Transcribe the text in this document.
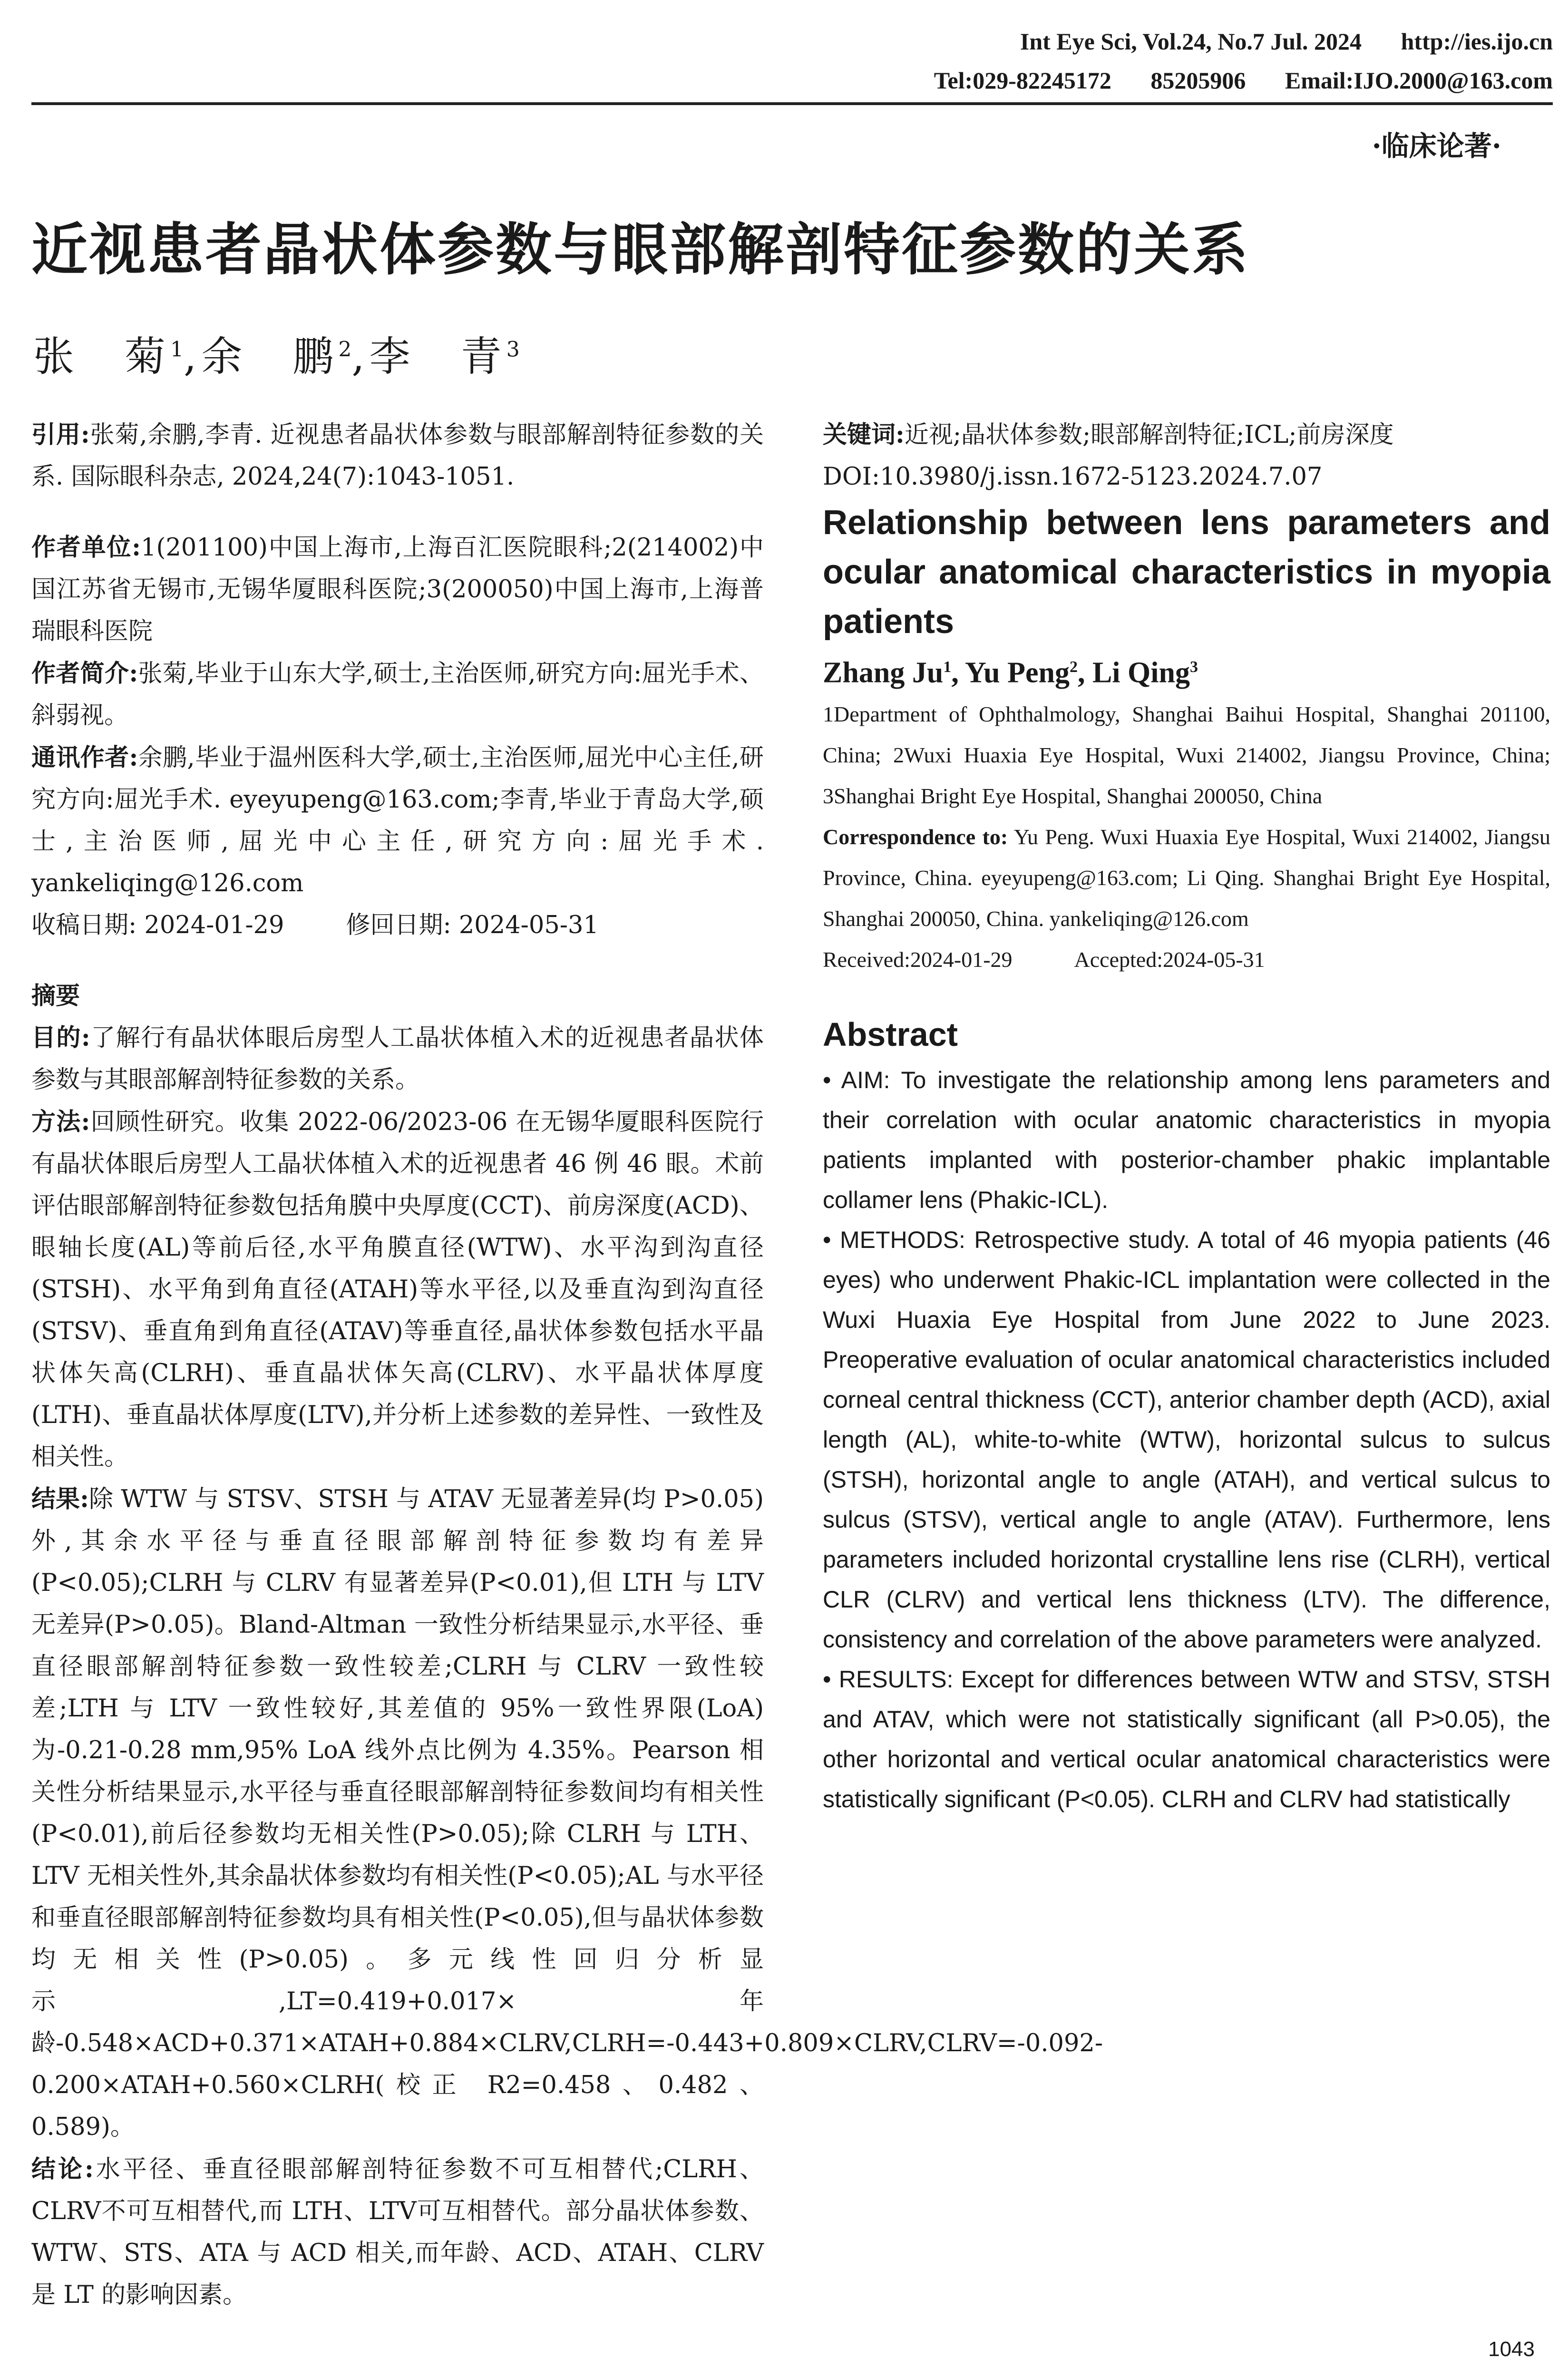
Int Eye Sci, Vol.24, No.7 Jul. 2024 http://ies.ijo.cn
Tel:029-82245172 85205906 Email:IJO.2000@163.com
·临床论著·
近视患者晶状体参数与眼部解剖特征参数的关系
张　菊$^1$,余　鹏$^2$,李　青$^3$

引用:张菊,余鹏,李青. 近视患者晶状体参数与眼部解剖特征参数的关系. 国际眼科杂志, 2024,24(7):1043-1051.

作者单位:1(201100)中国上海市,上海百汇医院眼科;2(214002)中国江苏省无锡市,无锡华厦眼科医院;3(200050)中国上海市,上海普瑞眼科医院

作者简介:张菊,毕业于山东大学,硕士,主治医师,研究方向:屈光手术、斜弱视。

通讯作者:余鹏,毕业于温州医科大学,硕士,主治医师,屈光中心主任,研究方向:屈光手术. eyeyupeng@163.com;李青,毕业于青岛大学,硕士,主治医师,屈光中心主任,研究方向:屈光手术. yankeliqing@126.com

收稿日期: 2024-01-29	修回日期: 2024-05-31

摘要

目的:了解行有晶状体眼后房型人工晶状体植入术的近视患者晶状体参数与其眼部解剖特征参数的关系。

方法:回顾性研究。收集 2022-06/2023-06 在无锡华厦眼科医院行有晶状体眼后房型人工晶状体植入术的近视患者 46 例 46 眼。术前评估眼部解剖特征参数包括角膜中央厚度(CCT)、前房深度(ACD)、眼轴长度(AL)等前后径,水平角膜直径(WTW)、水平沟到沟直径(STSH)、水平角到角直径(ATAH)等水平径,以及垂直沟到沟直径(STSV)、垂直角到角直径(ATAV)等垂直径,晶状体参数包括水平晶状体矢高(CLRH)、垂直晶状体矢高(CLRV)、水平晶状体厚度(LTH)、垂直晶状体厚度(LTV),并分析上述参数的差异性、一致性及相关性。

结果:除 WTW 与 STSV、STSH 与 ATAV 无显著差异(均 P>0.05)外,其余水平径与垂直径眼部解剖特征参数均有差异(P<0.05);CLRH 与 CLRV 有显著差异(P<0.01),但 LTH 与 LTV 无差异(P>0.05)。Bland-Altman 一致性分析结果显示,水平径、垂直径眼部解剖特征参数一致性较差;CLRH 与 CLRV 一致性较差;LTH 与 LTV 一致性较好,其差值的 95%一致性界限(LoA)为-0.21-0.28 mm,95% LoA 线外点比例为 4.35%。Pearson 相关性分析结果显示,水平径与垂直径眼部解剖特征参数间均有相关性(P<0.01),前后径参数均无相关性(P>0.05);除 CLRH 与 LTH、LTV 无相关性外,其余晶状体参数均有相关性(P<0.05);AL 与水平径和垂直径眼部解剖特征参数均具有相关性(P<0.05),但与晶状体参数均无相关性(P>0.05)。多元线性回归分析显示,LT=0.419+0.017×年龄-0.548×ACD+0.371×ATAH+0.884×CLRV,CLRH=-0.443+0.809×CLRV,CLRV=-0.092-0.200×ATAH+0.560×CLRH(校正 R2=0.458、0.482、0.589)。

结论:水平径、垂直径眼部解剖特征参数不可互相替代;CLRH、CLRV不可互相替代,而 LTH、LTV可互相替代。部分晶状体参数、WTW、STS、ATA 与 ACD 相关,而年龄、ACD、ATAH、CLRV是 LT 的影响因素。

关键词:近视;晶状体参数;眼部解剖特征;ICL;前房深度

DOI:10.3980/j.issn.1672-5123.2024.7.07

Relationship between lens parameters and ocular anatomical characteristics in myopia patients

Zhang Ju$^1$, Yu Peng$^2$, Li Qing$^3$

1Department of Ophthalmology, Shanghai Baihui Hospital, Shanghai 201100, China; 2Wuxi Huaxia Eye Hospital, Wuxi 214002, Jiangsu Province, China; 3Shanghai Bright Eye Hospital, Shanghai 200050, China

Correspondence to: Yu Peng. Wuxi Huaxia Eye Hospital, Wuxi 214002, Jiangsu Province, China. eyeyupeng@163.com; Li Qing. Shanghai Bright Eye Hospital, Shanghai 200050, China. yankeliqing@126.com

Received:2024-01-29	Accepted:2024-05-31

Abstract

• AIM: To investigate the relationship among lens parameters and their correlation with ocular anatomic characteristics in myopia patients implanted with posterior-chamber phakic implantable collamer lens (Phakic-ICL).

• METHODS: Retrospective study. A total of 46 myopia patients (46 eyes) who underwent Phakic-ICL implantation were collected in the Wuxi Huaxia Eye Hospital from June 2022 to June 2023. Preoperative evaluation of ocular anatomical characteristics included corneal central thickness (CCT), anterior chamber depth (ACD), axial length (AL), white-to-white (WTW), horizontal sulcus to sulcus (STSH), horizontal angle to angle (ATAH), and vertical sulcus to sulcus (STSV), vertical angle to angle (ATAV). Furthermore, lens parameters included horizontal crystalline lens rise (CLRH), vertical CLR (CLRV) and vertical lens thickness (LTV). The difference, consistency and correlation of the above parameters were analyzed.

• RESULTS: Except for differences between WTW and STSV, STSH and ATAV, which were not statistically significant (all P>0.05), the other horizontal and vertical ocular anatomical characteristics were statistically significant (P<0.05). CLRH and CLRV had statistically

1043
